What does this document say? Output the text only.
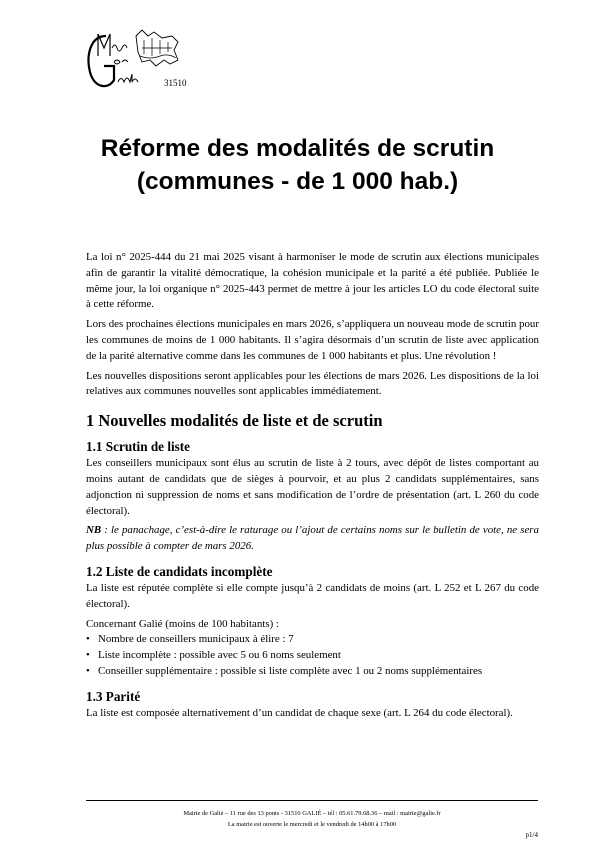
31510
Réforme des modalités de scrutin
(communes - de 1 000 hab.)

La loi n° 2025-444 du 21 mai 2025 visant à harmoniser le mode de scrutin aux élections municipales afin de garantir la vitalité démocratique, la cohésion municipale et la parité a été publiée. Publiée le même jour, la loi organique n° 2025-443 permet de mettre à jour les articles LO du code électoral suite à cette réforme.

Lors des prochaines élections municipales en mars 2026, s’appliquera un nouveau mode de scrutin pour les communes de moins de 1 000 habitants. Il s’agira désormais d’un scrutin de liste avec application de la parité alternative comme dans les communes de 1 000 habitants et plus. Une révolution !

Les nouvelles dispositions seront applicables pour les élections de mars 2026. Les dispositions de la loi relatives aux communes nouvelles sont applicables immédiatement.

1 Nouvelles modalités de liste et de scrutin
1.1 Scrutin de liste

Les conseillers municipaux sont élus au scrutin de liste à 2 tours, avec dépôt de listes comportant au moins autant de candidats que de sièges à pourvoir, et au plus 2 candidats supplémentaires, sans adjonction ni suppression de noms et sans modification de l’ordre de présentation (art. L 260 du code électoral).

NB : le panachage, c’est-à-dire le raturage ou l’ajout de certains noms sur le bulletin de vote, ne sera plus possible à compter de mars 2026.

1.2 Liste de candidats incomplète

La liste est réputée complète si elle compte jusqu’à 2 candidats de moins (art. L 252 et L 267 du code électoral).

Concernant Galié (moins de 100 habitants) :

• Nombre de conseillers municipaux à élire : 7
• Liste incomplète : possible avec 5 ou 6 noms seulement
• Conseiller supplémentaire : possible si liste complète avec 1 ou 2 noms supplémentaires
1.3 Parité

La liste est composée alternativement d’un candidat de chaque sexe (art. L 264 du code électoral).

Mairie de Galié – 11 rue des 13 ponts - 31510 GALIÉ – tél : 05.61.79.68.36 – mail : mairie@galie.fr
La mairie est ouverte le mercredi et le vendredi de 14h00 à 17h00
p1/4
